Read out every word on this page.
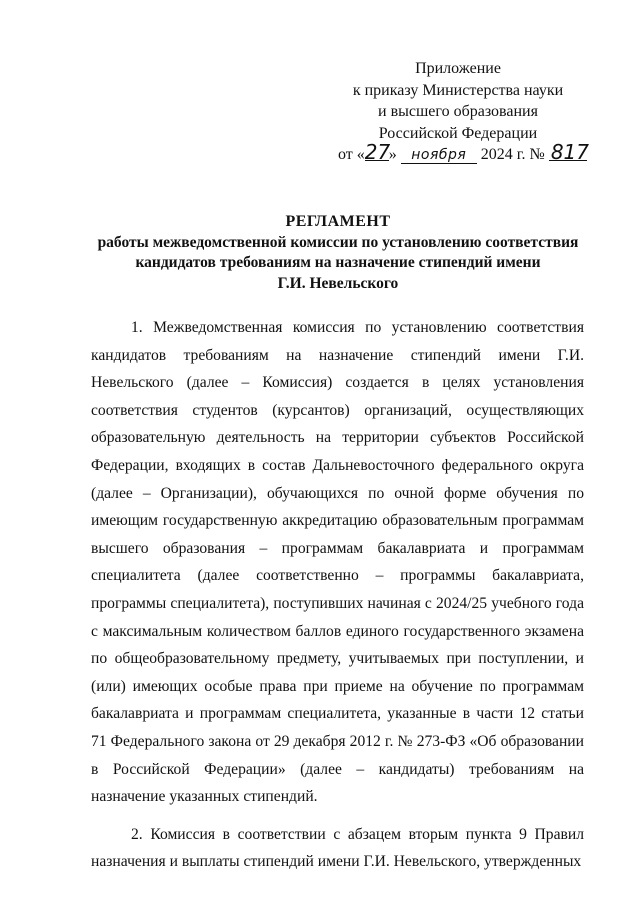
Приложение
к приказу Министерства науки
и высшего образования
Российской Федерации
от «27» ноября 2024 г. № 817
РЕГЛАМЕНТ
работы межведомственной комиссии по установлению соответствия
кандидатов требованиям на назначение стипендий имени
Г.И. Невельского

1. Межведомственная комиссия по установлению соответствия кандидатов требованиям на назначение стипендий имени Г.И. Невельского (далее – Комиссия) создается в целях установления соответствия студентов (курсантов) организаций, осуществляющих образовательную деятельность на территории субъектов Российской Федерации, входящих в состав Дальневосточного федерального округа (далее – Организации), обучающихся по очной форме обучения по имеющим государственную аккредитацию образовательным программам высшего образования – программам бакалавриата и программам специалитета (далее соответственно – программы бакалавриата, программы специалитета), поступивших начиная с 2024/25 учебного года с максимальным количеством баллов единого государственного экзамена по общеобразовательному предмету, учитываемых при поступлении, и (или) имеющих особые права при приеме на обучение по программам бакалавриата и программам специалитета, указанные в части 12 статьи 71 Федерального закона от 29 декабря 2012 г. № 273-ФЗ «Об образовании в Российской Федерации» (далее – кандидаты) требованиям на назначение указанных стипендий.

2. Комиссия в соответствии с абзацем вторым пункта 9 Правил назначения и выплаты стипендий имени Г.И. Невельского, утвержденных
